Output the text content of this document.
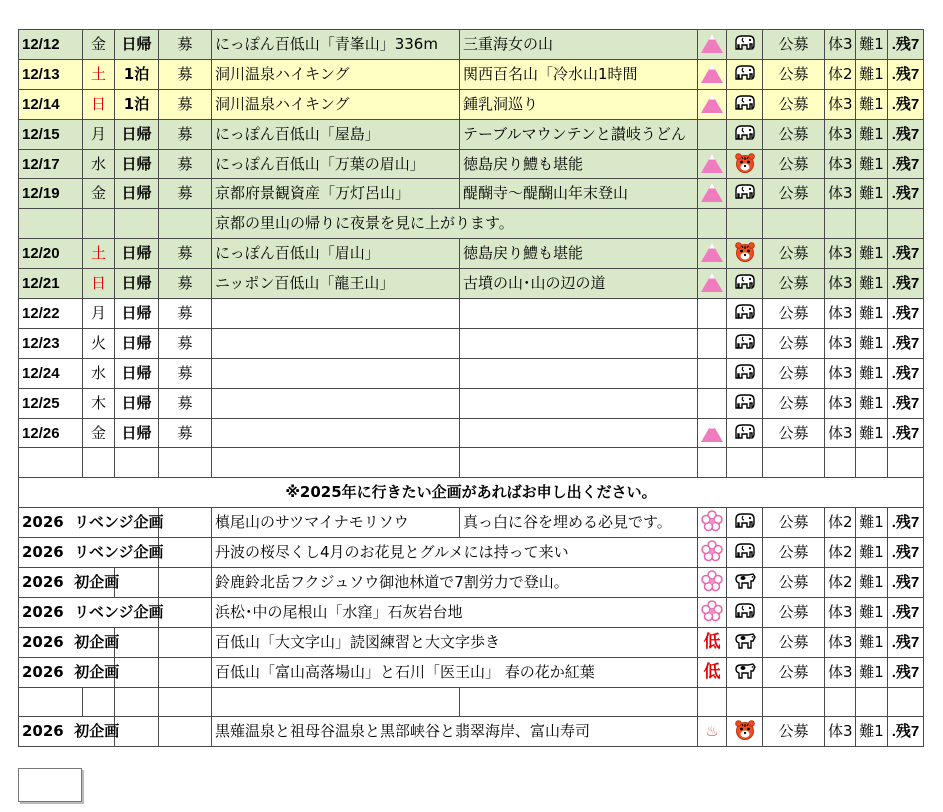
12/12	金	日帰	募	にっぽん百低山「青峯山」336m	三重海女の山			公募	体3	難1	.残7
12/13	土	1泊	募	洞川温泉ハイキング	関西百名山「冷水山1時間			公募	体2	難1	.残7
12/14	日	1泊	募	洞川温泉ハイキング	鍾乳洞巡り			公募	体3	難1	.残7
12/15	月	日帰	募	にっぽん百低山「屋島」	テーブルマウンテンと讃岐うどん			公募	体3	難1	.残7
12/17	水	日帰	募	にっぽん百低山「万葉の眉山」	徳島戻り鱧も堪能			公募	体3	難1	.残7
12/19	金	日帰	募	京都府景観資産「万灯呂山」	醍醐寺～醍醐山年末登山			公募	体3	難1	.残7
				京都の里山の帰りに夜景を見に上がります。							
12/20	土	日帰	募	にっぽん百低山「眉山」	徳島戻り鱧も堪能			公募	体3	難1	.残7
12/21	日	日帰	募	ニッポン百低山「龍王山」	古墳の山･山の辺の道			公募	体3	難1	.残7
12/22	月	日帰	募					公募	体3	難1	.残7
12/23	火	日帰	募					公募	体3	難1	.残7
12/24	水	日帰	募					公募	体3	難1	.残7
12/25	木	日帰	募					公募	体3	難1	.残7
12/26	金	日帰	募					公募	体3	難1	.残7

※2025年に行きたい企画があればお申し出ください。											
2026 リベンジ企画				槙尾山のサツマイナモリソウ	真っ白に谷を埋める必見です。			公募	体2	難1	.残7
2026 リベンジ企画				丹波の桜尽くし4月のお花見とグルメには持って来い				公募	体2	難1	.残7
2026 初企画				鈴鹿鈴北岳フクジュソウ御池林道で7割労力で登山。				公募	体2	難1	.残7
2026 リベンジ企画				浜松･中の尾根山「水窪」石灰岩台地				公募	体3	難1	.残7
2026 初企画				百低山「大文字山」読図練習と大文字歩き		低		公募	体3	難1	.残7
2026 初企画				百低山「富山高落場山」と石川「医王山」 春の花か紅葉		低		公募	体3	難1	.残7

2026 初企画				黒薙温泉と祖母谷温泉と黒部峡谷と翡翠海岸、富山寿司		♨		公募	体3	難1	.残7
